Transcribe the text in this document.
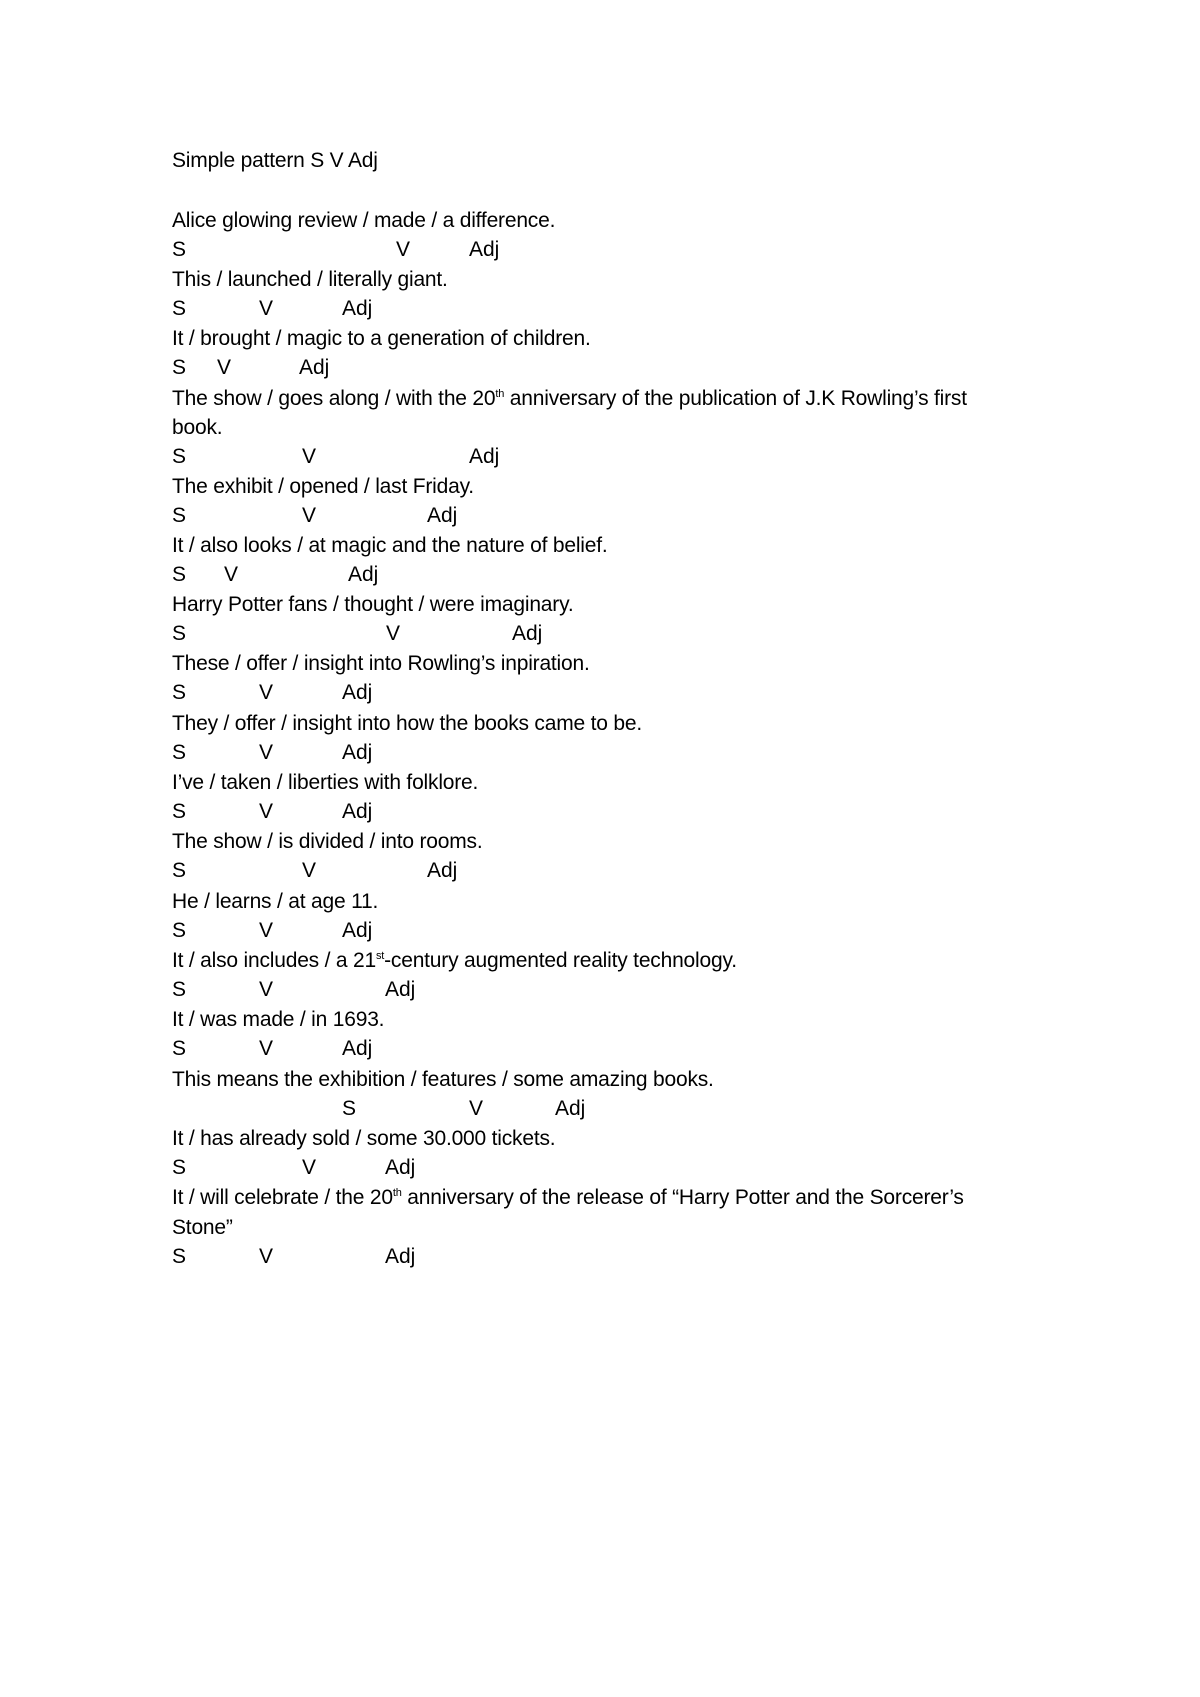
Simple pattern S V Adj
Alice glowing review / made / a difference.
S	V	Adj
This / launched / literally giant.
S	V	Adj
It / brought / magic to a generation of children.
S V	Adj
The show / goes along / with the 20th anniversary of the publication of J.K Rowling’s first
book.
S	V	Adj
The exhibit / opened / last Friday.
S	V	Adj
It / also looks / at magic and the nature of belief.
S V	Adj
Harry Potter fans / thought / were imaginary.
S	V	Adj
These / offer / insight into Rowling’s inpiration.
S	V	Adj
They / offer / insight into how the books came to be.
S	V	Adj
I’ve / taken / liberties with folklore.
S	V	Adj
The show / is divided / into rooms.
S	V	Adj
He / learns / at age 11.
S	V	Adj
It / also includes / a 21st-century augmented reality technology.
S	V	Adj
It / was made / in 1693.
S	V	Adj
This means the exhibition / features / some amazing books.
S	V	Adj
It / has already sold / some 30.000 tickets.
S	V	Adj
It / will celebrate / the 20th anniversary of the release of “Harry Potter and the Sorcerer’s
Stone”
S	V	Adj
